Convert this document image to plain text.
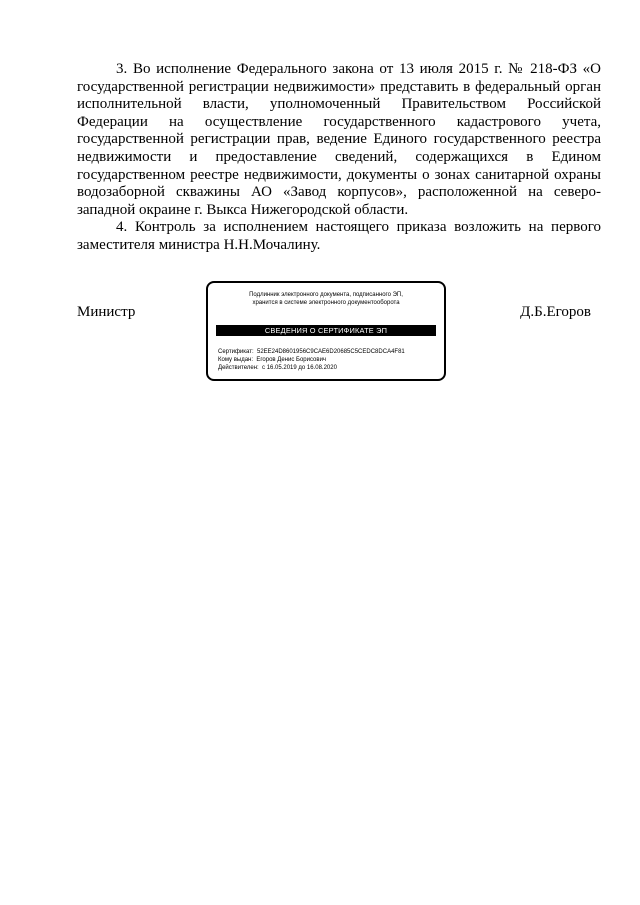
3. Во исполнение Федерального закона от 13 июля 2015 г. № 218-ФЗ «О государственной регистрации недвижимости» представить в федеральный орган исполнительной власти, уполномоченный Правительством Российской Федерации на осуществление государственного кадастрового учета, государственной регистрации прав, ведение Единого государственного реестра недвижимости и предоставление сведений, содержащихся в Едином государственном реестре недвижимости, документы о зонах санитарной охраны водозаборной скважины АО «Завод корпусов», расположенной на северо-западной окраине г. Выкса Нижегородской области.

4. Контроль за исполнением настоящего приказа возложить на первого заместителя министра Н.Н.Мочалину.

Министр
Подлинник электронного документа, подписанного ЭП,
хранится в системе электронного документооборота
СВЕДЕНИЯ О СЕРТИФИКАТЕ ЭП
Сертификат: 52EE24D8601956C9CAE6D20685C5CEDC8DCA4F81
Кому выдан: Егоров Денис Борисович
Действителен: с 16.05.2019 до 16.08.2020
Д.Б.Егоров
